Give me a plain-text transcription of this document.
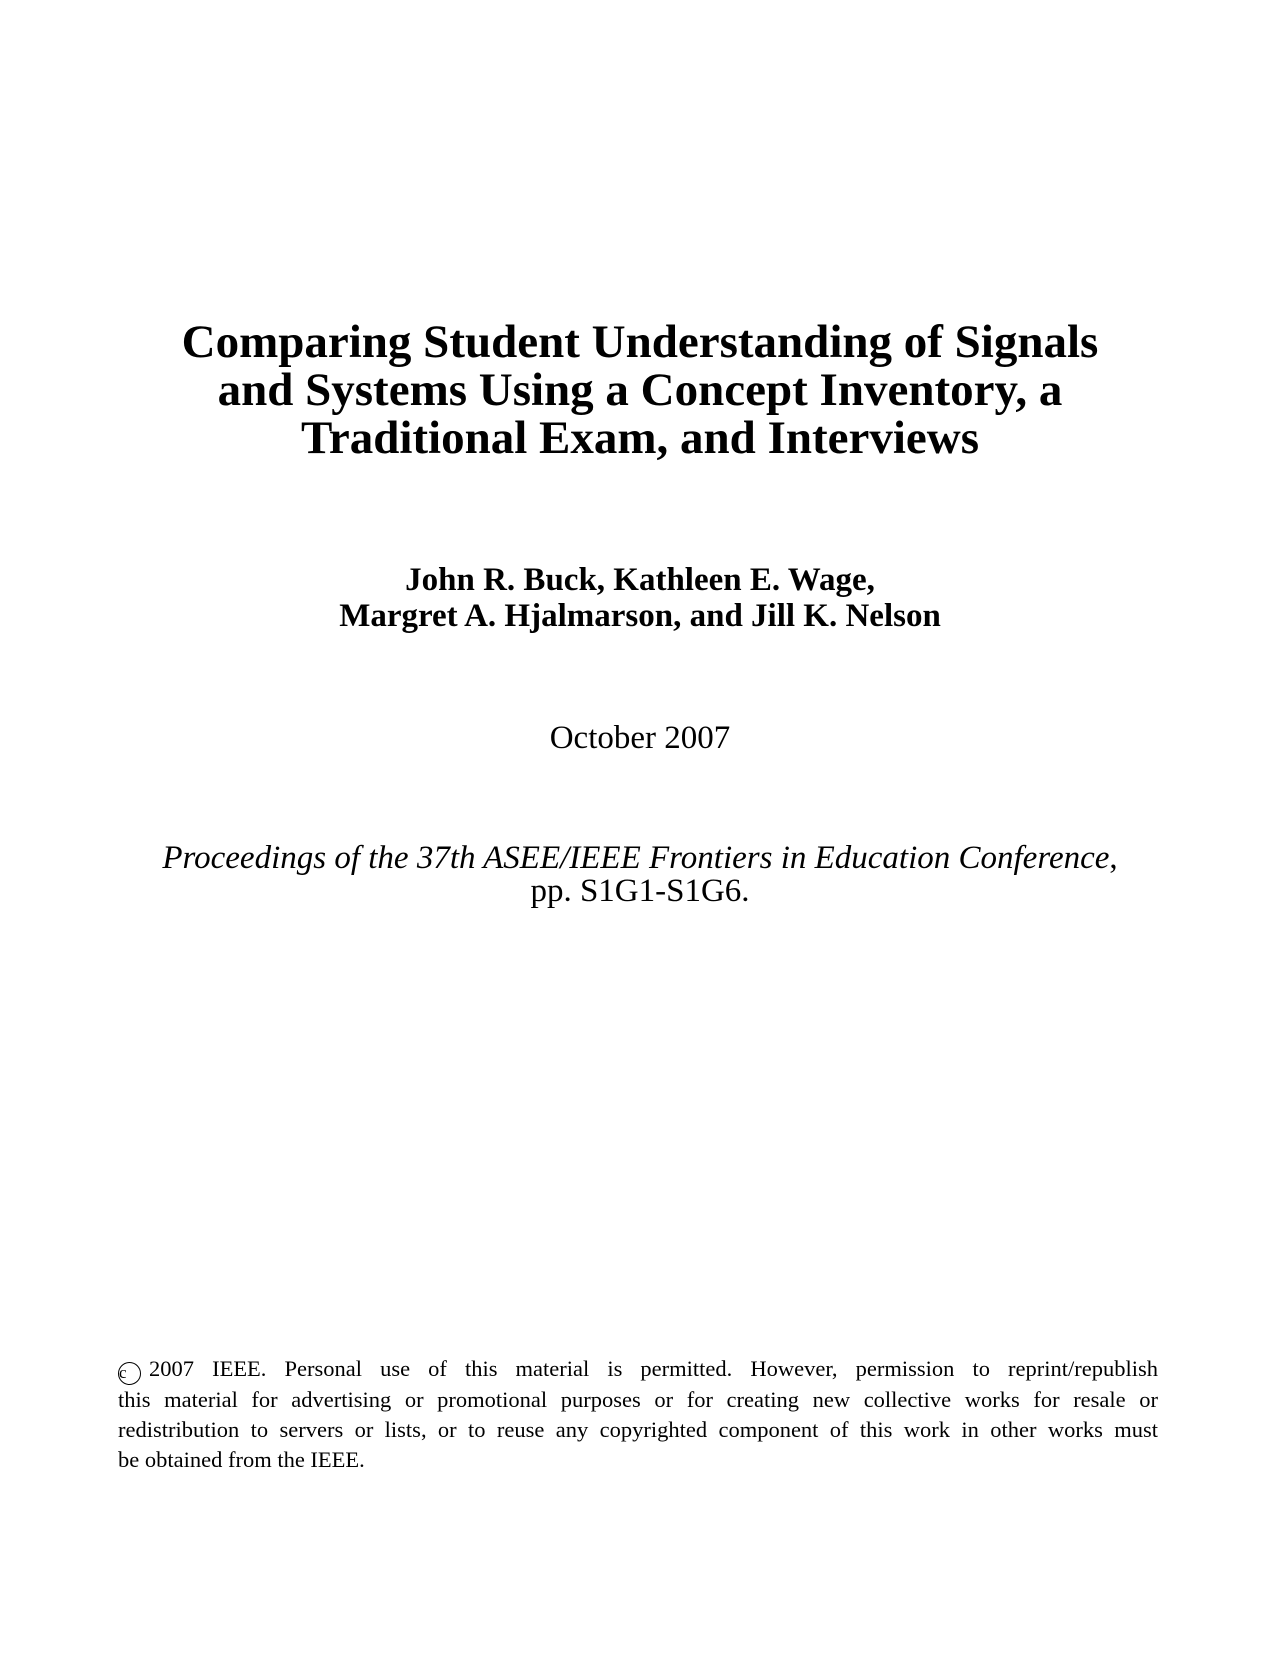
Comparing Student Understanding of Signals
and Systems Using a Concept Inventory, a
Traditional Exam, and Interviews
John R. Buck, Kathleen E. Wage,
Margret A. Hjalmarson, and Jill K. Nelson
October 2007
Proceedings of the 37th ASEE/IEEE Frontiers in Education Conference,
pp. S1G1-S1G6.
c 2007 IEEE. Personal use of this material is permitted. However, permission to reprint/republish
this material for advertising or promotional purposes or for creating new collective works for resale or
redistribution to servers or lists, or to reuse any copyrighted component of this work in other works must
be obtained from the IEEE.
